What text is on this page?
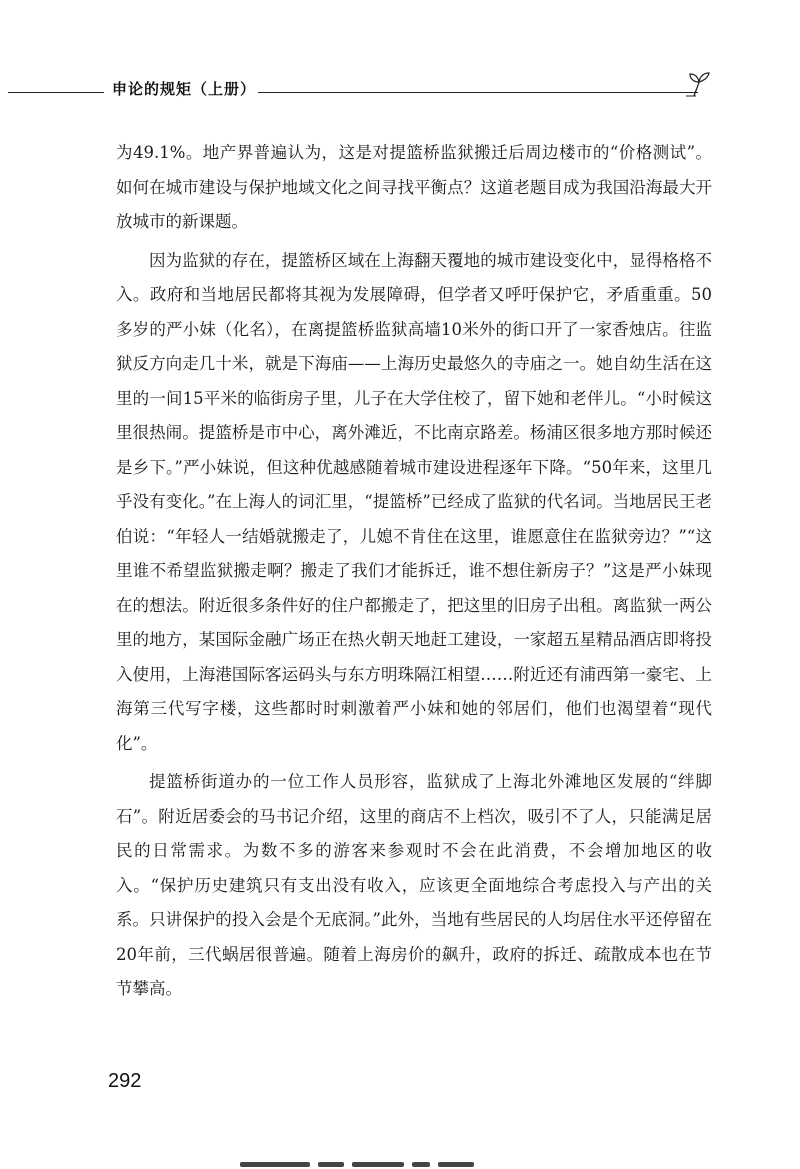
申论的规矩（上册）

为49.1%。地产界普遍认为，这是对提篮桥监狱搬迁后周边楼市的“价格测试”。如何在城市建设与保护地域文化之间寻找平衡点？这道老题目成为我国沿海最大开放城市的新课题。

因为监狱的存在，提篮桥区域在上海翻天覆地的城市建设变化中，显得格格不入。政府和当地居民都将其视为发展障碍，但学者又呼吁保护它，矛盾重重。50多岁的严小妹（化名），在离提篮桥监狱高墙10米外的街口开了一家香烛店。往监狱反方向走几十米，就是下海庙——上海历史最悠久的寺庙之一。她自幼生活在这里的一间15平米的临街房子里，儿子在大学住校了，留下她和老伴儿。“小时候这里很热闹。提篮桥是市中心，离外滩近，不比南京路差。杨浦区很多地方那时候还是乡下。”严小妹说，但这种优越感随着城市建设进程逐年下降。“50年来，这里几乎没有变化。”在上海人的词汇里，“提篮桥”已经成了监狱的代名词。当地居民王老伯说：“年轻人一结婚就搬走了，儿媳不肯住在这里，谁愿意住在监狱旁边？”“这里谁不希望监狱搬走啊？搬走了我们才能拆迁，谁不想住新房子？”这是严小妹现在的想法。附近很多条件好的住户都搬走了，把这里的旧房子出租。离监狱一两公里的地方，某国际金融广场正在热火朝天地赶工建设，一家超五星精品酒店即将投入使用，上海港国际客运码头与东方明珠隔江相望……附近还有浦西第一豪宅、上海第三代写字楼，这些都时时刺激着严小妹和她的邻居们，他们也渴望着“现代化”。

提篮桥街道办的一位工作人员形容，监狱成了上海北外滩地区发展的“绊脚石”。附近居委会的马书记介绍，这里的商店不上档次，吸引不了人，只能满足居民的日常需求。为数不多的游客来参观时不会在此消费，不会增加地区的收入。“保护历史建筑只有支出没有收入，应该更全面地综合考虑投入与产出的关系。只讲保护的投入会是个无底洞。”此外，当地有些居民的人均居住水平还停留在20年前，三代蜗居很普遍。随着上海房价的飙升，政府的拆迁、疏散成本也在节节攀高。

292
